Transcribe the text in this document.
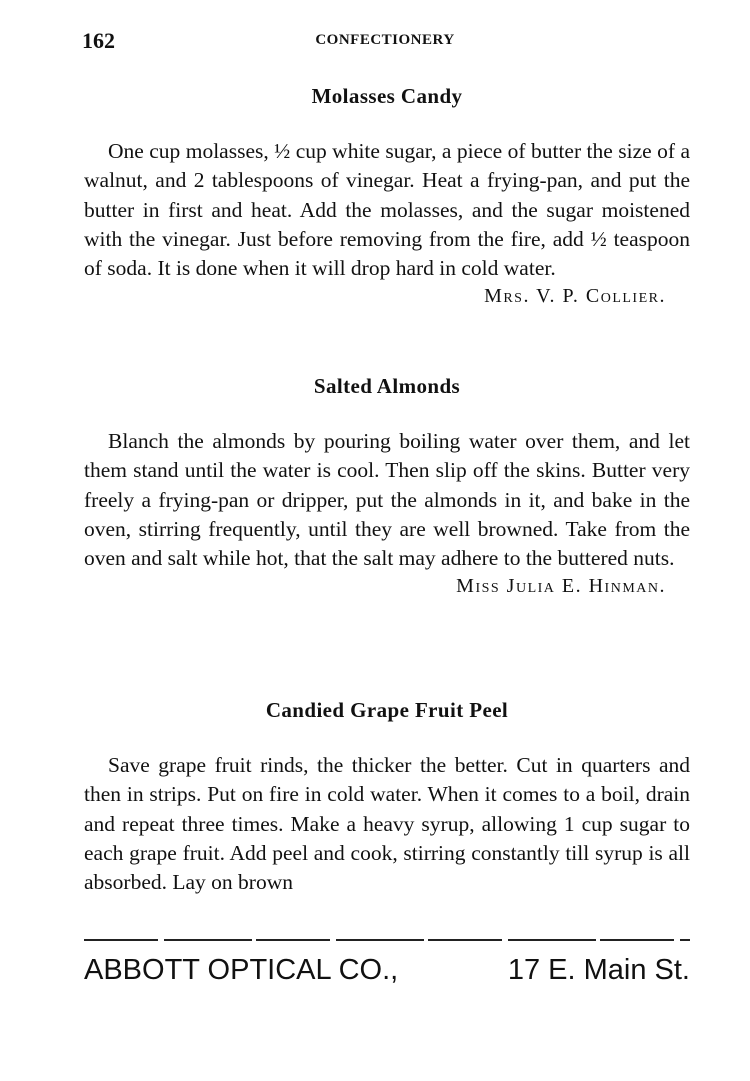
162	CONFECTIONERY
Molasses Candy

One cup molasses, ½ cup white sugar, a piece of butter the size of a walnut, and 2 tablespoons of vinegar. Heat a frying-pan, and put the butter in first and heat. Add the molasses, and the sugar moistened with the vinegar. Just before removing from the fire, add ½ teaspoon of soda. It is done when it will drop hard in cold water.

Mrs. V. P. Collier.
Salted Almonds

Blanch the almonds by pouring boiling water over them, and let them stand until the water is cool. Then slip off the skins. Butter very freely a frying-pan or dripper, put the almonds in it, and bake in the oven, stirring frequently, until they are well browned. Take from the oven and salt while hot, that the salt may adhere to the buttered nuts.

Miss Julia E. Hinman.
Candied Grape Fruit Peel

Save grape fruit rinds, the thicker the better. Cut in quarters and then in strips. Put on fire in cold water. When it comes to a boil, drain and repeat three times. Make a heavy syrup, allowing 1 cup sugar to each grape fruit. Add peel and cook, stirring constantly till syrup is all absorbed. Lay on brown

ABBOTT OPTICAL CO.,	17 E. Main St.
